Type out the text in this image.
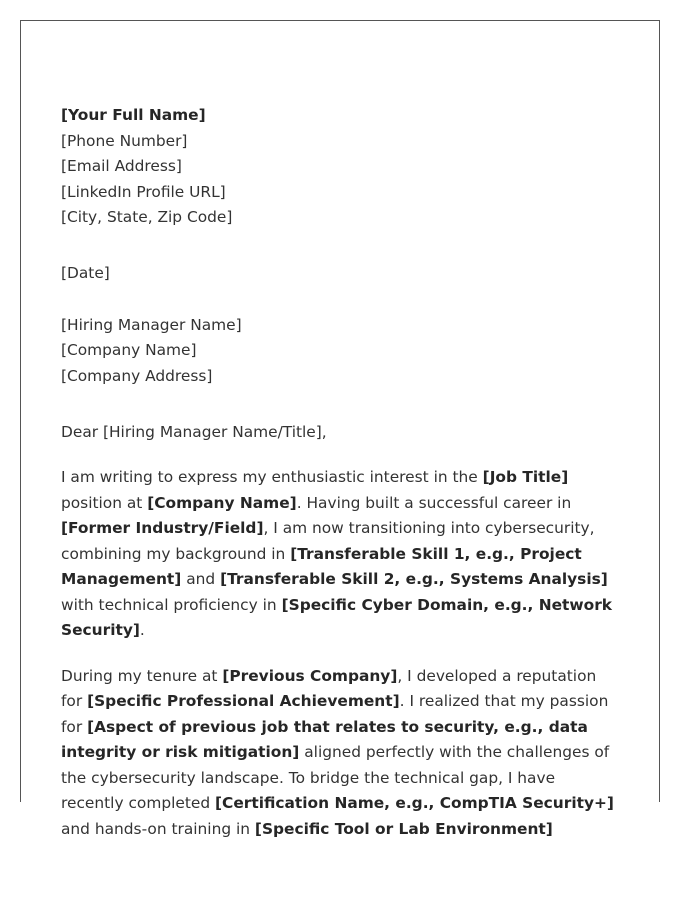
[Your Full Name]
[Phone Number]
[Email Address]
[LinkedIn Profile URL]
[City, State, Zip Code]
[Date]
[Hiring Manager Name]
[Company Name]
[Company Address]
Dear [Hiring Manager Name/Title],

I am writing to express my enthusiastic interest in the [Job Title] position at [Company Name]. Having built a successful career in [Former Industry/Field], I am now transitioning into cybersecurity, combining my background in [Transferable Skill 1, e.g., Project Management] and [Transferable Skill 2, e.g., Systems Analysis] with technical proficiency in [Specific Cyber Domain, e.g., Network Security].

During my tenure at [Previous Company], I developed a reputation for [Specific Professional Achievement]. I realized that my passion for [Aspect of previous job that relates to security, e.g., data integrity or risk mitigation] aligned perfectly with the challenges of the cybersecurity landscape. To bridge the technical gap, I have recently completed [Certification Name, e.g., CompTIA Security+] and hands-on training in [Specific Tool or Lab Environment]
